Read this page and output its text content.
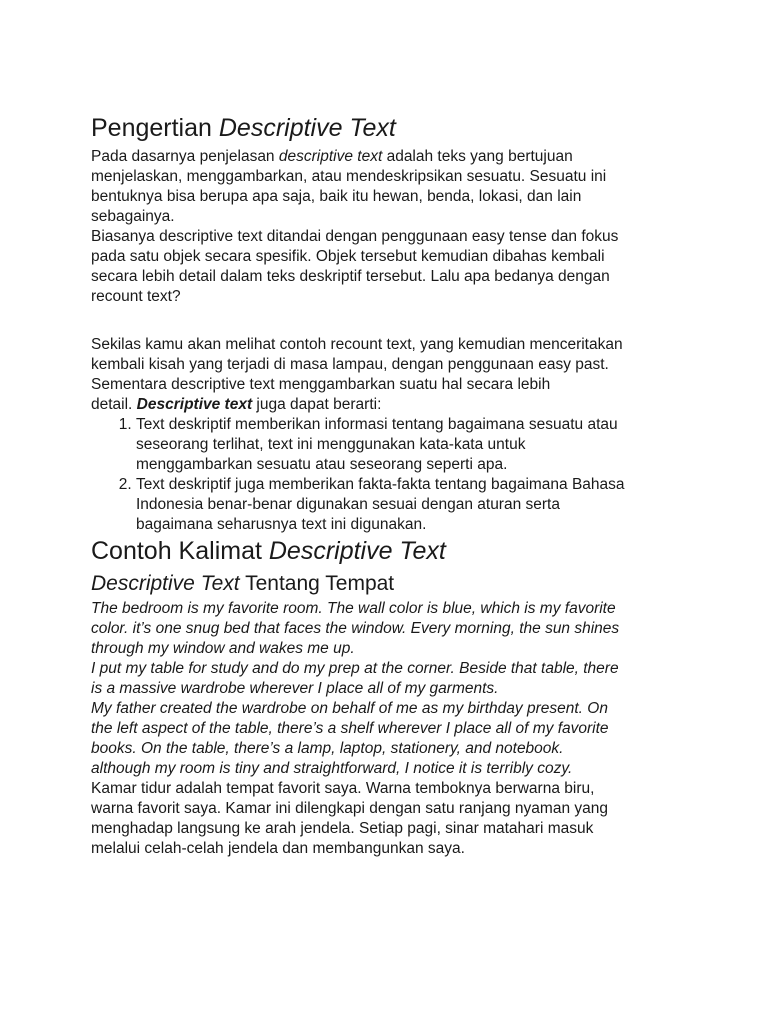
Pengertian Descriptive Text

Pada dasarnya penjelasan descriptive text adalah teks yang bertujuan
menjelaskan, menggambarkan, atau mendeskripsikan sesuatu. Sesuatu ini
bentuknya bisa berupa apa saja, baik itu hewan, benda, lokasi, dan lain
sebagainya.

Biasanya descriptive text ditandai dengan penggunaan easy tense dan fokus
pada satu objek secara spesifik. Objek tersebut kemudian dibahas kembali
secara lebih detail dalam teks deskriptif tersebut. Lalu apa bedanya dengan
recount text?

Sekilas kamu akan melihat contoh recount text, yang kemudian menceritakan
kembali kisah yang terjadi di masa lampau, dengan penggunaan easy past.
Sementara descriptive text menggambarkan suatu hal secara lebih
detail. Descriptive text juga dapat berarti:

1. Text deskriptif memberikan informasi tentang bagaimana sesuatu atau
seseorang terlihat, text ini menggunakan kata-kata untuk
menggambarkan sesuatu atau seseorang seperti apa.
2. Text deskriptif juga memberikan fakta-fakta tentang bagaimana Bahasa
Indonesia benar-benar digunakan sesuai dengan aturan serta
bagaimana seharusnya text ini digunakan.
Contoh Kalimat Descriptive Text
Descriptive Text Tentang Tempat

The bedroom is my favorite room. The wall color is blue, which is my favorite
color. it’s one snug bed that faces the window. Every morning, the sun shines
through my window and wakes me up.
I put my table for study and do my prep at the corner. Beside that table, there
is a massive wardrobe wherever I place all of my garments.
My father created the wardrobe on behalf of me as my birthday present. On
the left aspect of the table, there’s a shelf wherever I place all of my favorite
books. On the table, there’s a lamp, laptop, stationery, and notebook.
although my room is tiny and straightforward, I notice it is terribly cozy.

Kamar tidur adalah tempat favorit saya. Warna temboknya berwarna biru,
warna favorit saya. Kamar ini dilengkapi dengan satu ranjang nyaman yang
menghadap langsung ke arah jendela. Setiap pagi, sinar matahari masuk
melalui celah-celah jendela dan membangunkan saya.
